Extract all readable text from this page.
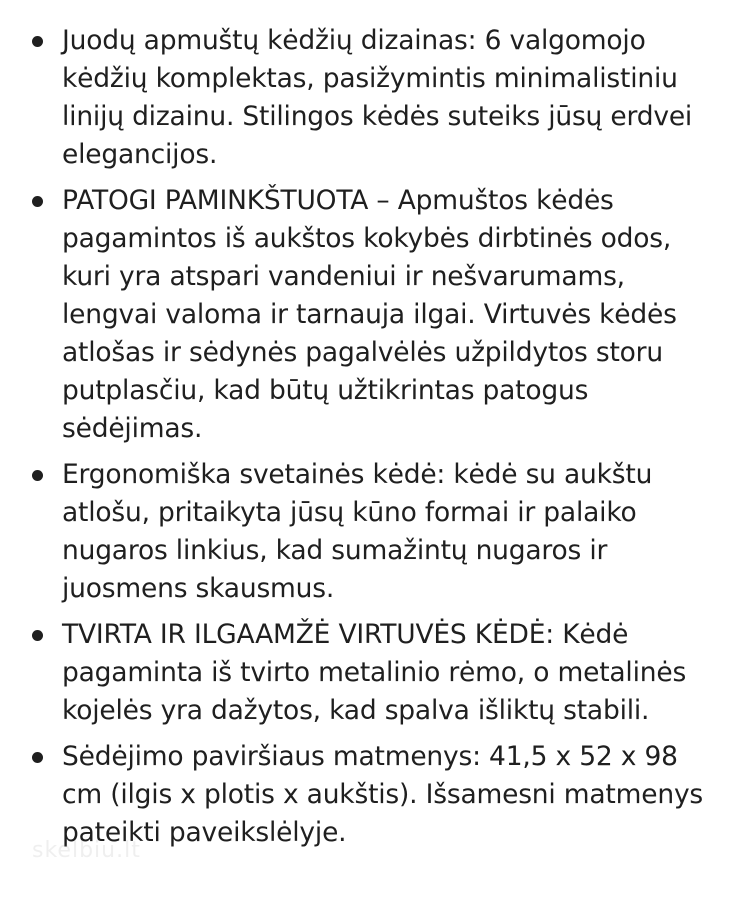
Juodų apmuštų kėdžių dizainas: 6 valgomojo kėdžių komplektas, pasižymintis minimalistiniu linijų dizainu. Stilingos kėdės suteiks jūsų erdvei elegancijos.
PATOGI PAMINKŠTUOTA – Apmuštos kėdės pagamintos iš aukštos kokybės dirbtinės odos, kuri yra atspari vandeniui ir nešvarumams, lengvai valoma ir tarnauja ilgai. Virtuvės kėdės atlošas ir sėdynės pagalvėlės užpildytos storu putplasčiu, kad būtų užtikrintas patogus sėdėjimas.
Ergonomiška svetainės kėdė: kėdė su aukštu atlošu, pritaikyta jūsų kūno formai ir palaiko nugaros linkius, kad sumažintų nugaros ir juosmens skausmus.
TVIRTA IR ILGAAMŽĖ VIRTUVĖS KĖDĖ: Kėdė pagaminta iš tvirto metalinio rėmo, o metalinės kojelės yra dažytos, kad spalva išliktų stabili.
Sėdėjimo paviršiaus matmenys: 41,5 x 52 x 98 cm (ilgis x plotis x aukštis). Išsamesni matmenys pateikti paveikslėlyje.
skelbiu.lt
